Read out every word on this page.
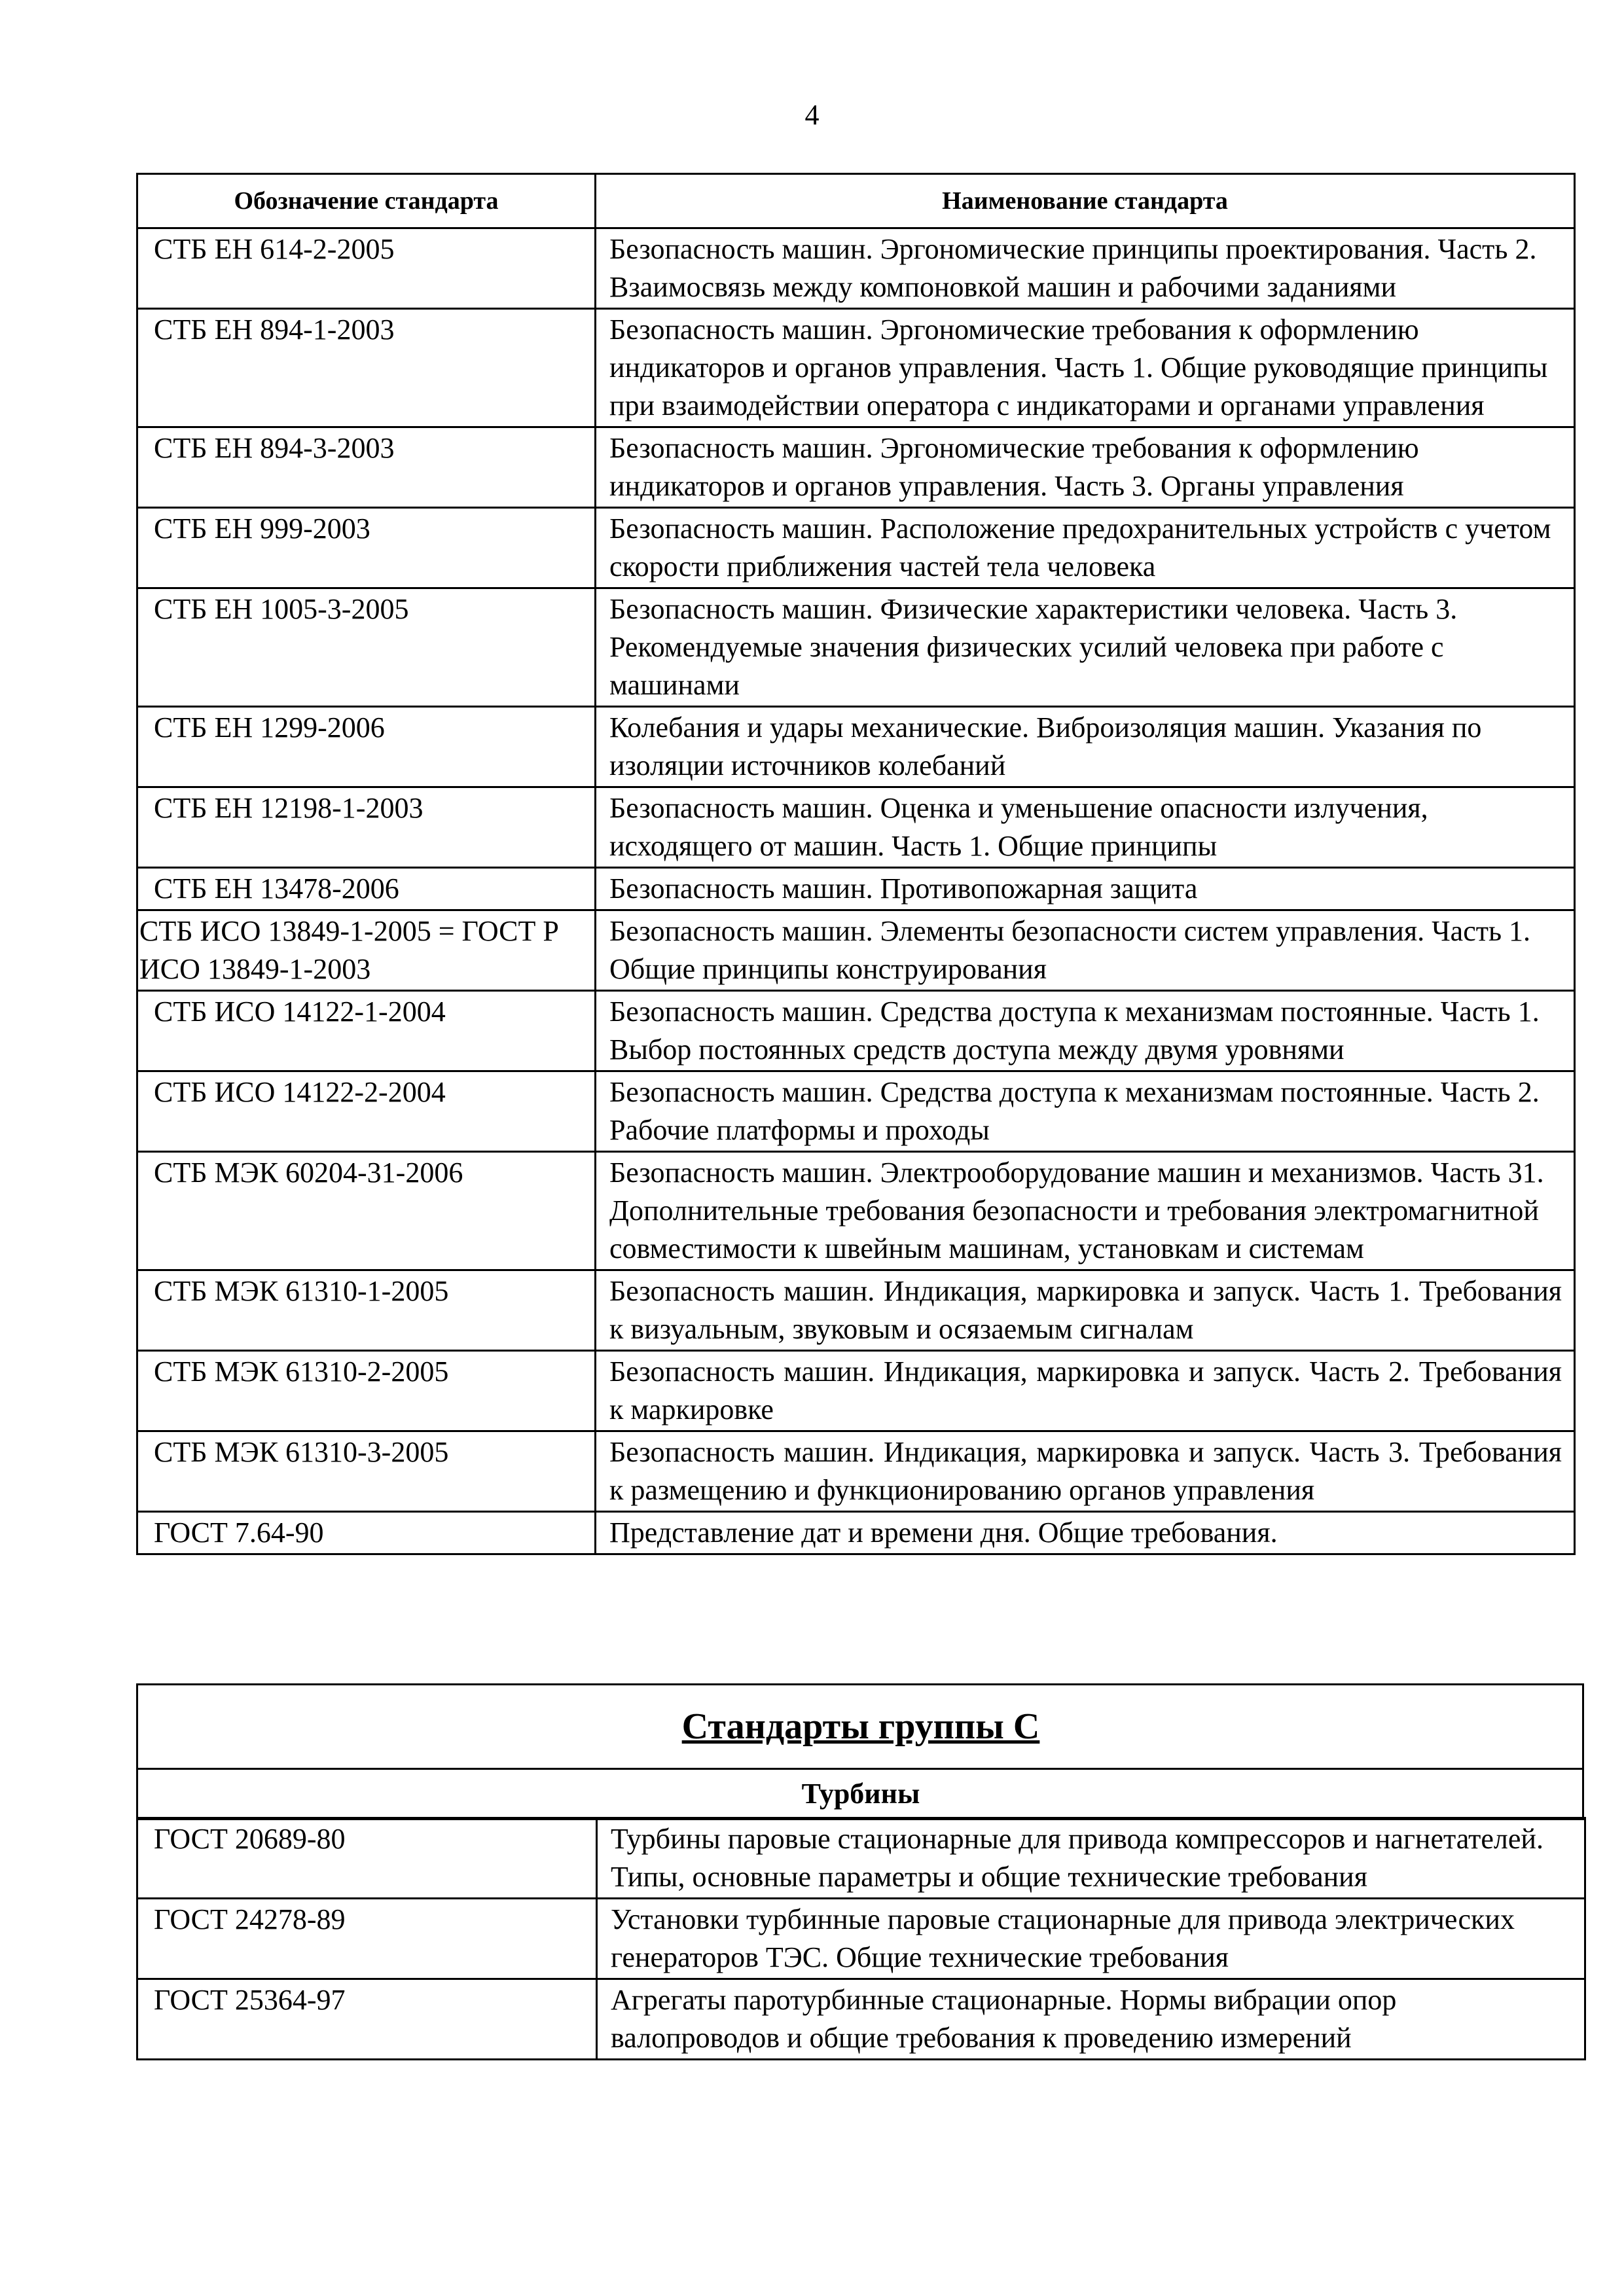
4
Обозначение стандарта	Наименование стандарта
СТБ ЕН 614-2-2005	Безопасность машин. Эргономические принципы проектирования. Часть 2. Взаимосвязь между компоновкой машин и рабочими заданиями
СТБ ЕН 894-1-2003	Безопасность машин. Эргономические требования к оформлению индикаторов и органов управления. Часть 1. Общие руководящие принципы при взаимодействии оператора с индикаторами и органами управления
СТБ ЕН 894-3-2003	Безопасность машин. Эргономические требования к оформлению индикаторов и органов управления. Часть 3. Органы управления
СТБ ЕН 999-2003	Безопасность машин. Расположение предохранительных устройств с учетом скорости приближения частей тела человека
СТБ ЕН 1005-3-2005	Безопасность машин. Физические характеристики человека. Часть 3. Рекомендуемые значения физических усилий человека при работе с машинами
СТБ ЕН 1299-2006	Колебания и удары механические. Виброизоляция машин. Указания по изоляции источников колебаний
СТБ ЕН 12198-1-2003	Безопасность машин. Оценка и уменьшение опасности излучения, исходящего от машин. Часть 1. Общие принципы
СТБ ЕН 13478-2006	Безопасность машин. Противопожарная защита
СТБ ИСО 13849-1-2005 = ГОСТ Р ИСО 13849-1-2003	Безопасность машин. Элементы безопасности систем управления. Часть 1. Общие принципы конструирования
СТБ ИСО 14122-1-2004	Безопасность машин. Средства доступа к механизмам постоянные. Часть 1. Выбор постоянных средств доступа между двумя уровнями
СТБ ИСО 14122-2-2004	Безопасность машин. Средства доступа к механизмам постоянные. Часть 2. Рабочие платформы и проходы
СТБ МЭК 60204-31-2006	Безопасность машин. Электрооборудование машин и механизмов. Часть 31. Дополнительные требования безопасности и требования электромагнитной совместимости к швейным машинам, установкам и системам
СТБ МЭК 61310-1-2005	Безопасность машин. Индикация, маркировка и запуск. Часть 1. Требования к визуальным, звуковым и осязаемым сигналам
СТБ МЭК 61310-2-2005	Безопасность машин. Индикация, маркировка и запуск. Часть 2. Требования к маркировке
СТБ МЭК 61310-3-2005	Безопасность машин. Индикация, маркировка и запуск. Часть 3. Требования к размещению и функционированию органов управления
ГОСТ 7.64-90	Представление дат и времени дня. Общие требования.
Стандарты группы С
Турбины
ГОСТ 20689-80	Турбины паровые стационарные для привода компрессоров и нагнетателей. Типы, основные параметры и общие технические требования
ГОСТ 24278-89	Установки турбинные паровые стационарные для привода электрических генераторов ТЭС. Общие технические требования
ГОСТ 25364-97	Агрегаты паротурбинные стационарные. Нормы вибрации опор валопроводов и общие требования к проведению измерений
